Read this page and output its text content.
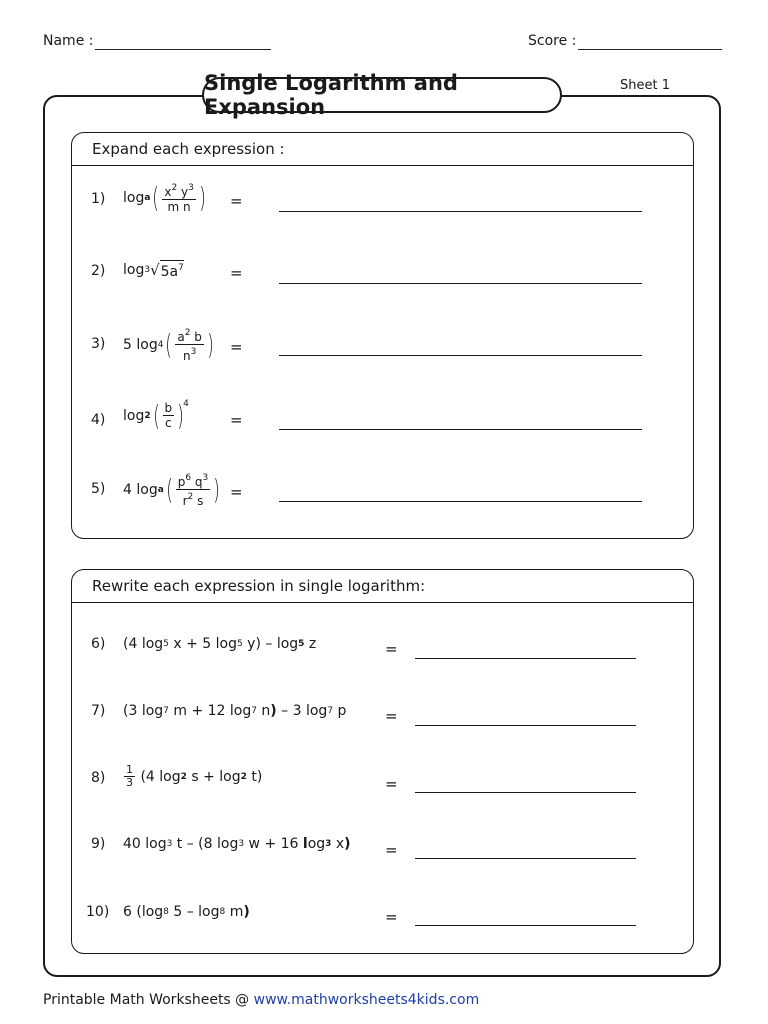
Name :	Score :
Single Logarithm and Expansion
Sheet 1
Expand each expression :
1) log a ( $\frac{x^2 y^3}{\text{m n}}$ ) =
2) log 3 √ $5a^7$	=
3) 5 log 4 ( $\frac{a^2 b}{n^3}$ ) =
4) log 2 ( $\frac{b}{c}$ ) 4
=
5) 4 log a ( $\frac{p^6 q^3}{r^2 s}$ ) =
Rewrite each expression in single logarithm:
6) (4 log 5 x + 5 log 5 y) – log 5 z	=
7) (3 log 7 m + 12 log 7 n) – 3 log 7 p	=
$8) \frac{1}{3} (4$ log 2 s + log 2 t)	=
9) 40 log 3 t – (8 log 3 w + 16 log 3 x) =
10) 6 (log 8 5 – log 8 m)	=
Printable Math Worksheets @ www.mathworksheets4kids.com
